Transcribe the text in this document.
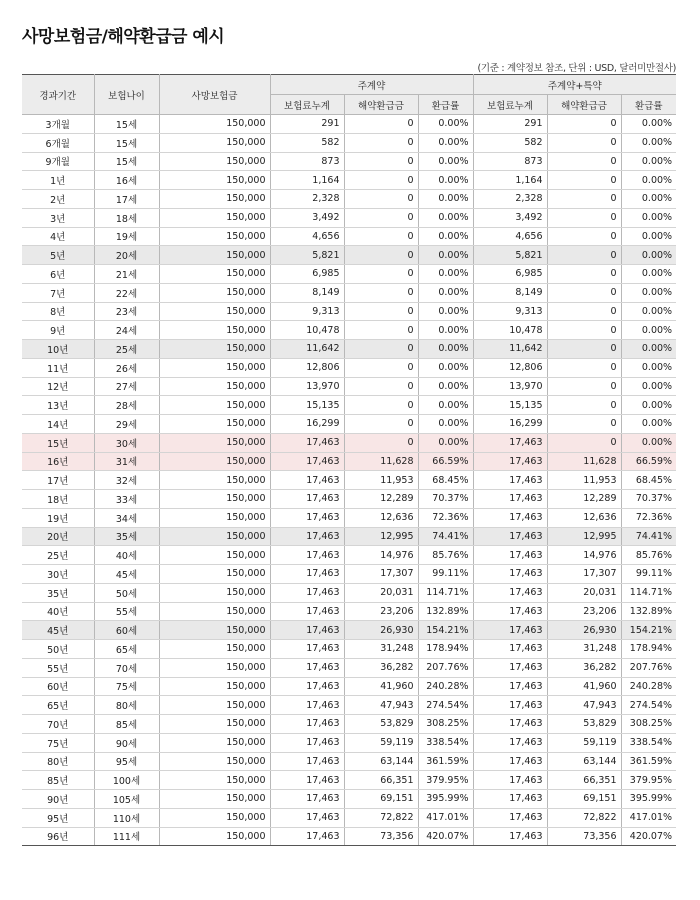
사망보험금/해약환급금 예시
(기준 : 계약정보 참조, 단위 : USD, 달러미만절사)
경과기간	보험나이	사망보험금	주계약			주계약+특약		
			보험료누계	해약환급금	환급률	보험료누계	해약환급금	환급률
3개월	15세	150,000	291	0	0.00%	291	0	0.00%
6개월	15세	150,000	582	0	0.00%	582	0	0.00%
9개월	15세	150,000	873	0	0.00%	873	0	0.00%
1년	16세	150,000	1,164	0	0.00%	1,164	0	0.00%
2년	17세	150,000	2,328	0	0.00%	2,328	0	0.00%
3년	18세	150,000	3,492	0	0.00%	3,492	0	0.00%
4년	19세	150,000	4,656	0	0.00%	4,656	0	0.00%
5년	20세	150,000	5,821	0	0.00%	5,821	0	0.00%
6년	21세	150,000	6,985	0	0.00%	6,985	0	0.00%
7년	22세	150,000	8,149	0	0.00%	8,149	0	0.00%
8년	23세	150,000	9,313	0	0.00%	9,313	0	0.00%
9년	24세	150,000	10,478	0	0.00%	10,478	0	0.00%
10년	25세	150,000	11,642	0	0.00%	11,642	0	0.00%
11년	26세	150,000	12,806	0	0.00%	12,806	0	0.00%
12년	27세	150,000	13,970	0	0.00%	13,970	0	0.00%
13년	28세	150,000	15,135	0	0.00%	15,135	0	0.00%
14년	29세	150,000	16,299	0	0.00%	16,299	0	0.00%
15년	30세	150,000	17,463	0	0.00%	17,463	0	0.00%
16년	31세	150,000	17,463	11,628	66.59%	17,463	11,628	66.59%
17년	32세	150,000	17,463	11,953	68.45%	17,463	11,953	68.45%
18년	33세	150,000	17,463	12,289	70.37%	17,463	12,289	70.37%
19년	34세	150,000	17,463	12,636	72.36%	17,463	12,636	72.36%
20년	35세	150,000	17,463	12,995	74.41%	17,463	12,995	74.41%
25년	40세	150,000	17,463	14,976	85.76%	17,463	14,976	85.76%
30년	45세	150,000	17,463	17,307	99.11%	17,463	17,307	99.11%
35년	50세	150,000	17,463	20,031	114.71%	17,463	20,031	114.71%
40년	55세	150,000	17,463	23,206	132.89%	17,463	23,206	132.89%
45년	60세	150,000	17,463	26,930	154.21%	17,463	26,930	154.21%
50년	65세	150,000	17,463	31,248	178.94%	17,463	31,248	178.94%
55년	70세	150,000	17,463	36,282	207.76%	17,463	36,282	207.76%
60년	75세	150,000	17,463	41,960	240.28%	17,463	41,960	240.28%
65년	80세	150,000	17,463	47,943	274.54%	17,463	47,943	274.54%
70년	85세	150,000	17,463	53,829	308.25%	17,463	53,829	308.25%
75년	90세	150,000	17,463	59,119	338.54%	17,463	59,119	338.54%
80년	95세	150,000	17,463	63,144	361.59%	17,463	63,144	361.59%
85년	100세	150,000	17,463	66,351	379.95%	17,463	66,351	379.95%
90년	105세	150,000	17,463	69,151	395.99%	17,463	69,151	395.99%
95년	110세	150,000	17,463	72,822	417.01%	17,463	72,822	417.01%
96년	111세	150,000	17,463	73,356	420.07%	17,463	73,356	420.07%
